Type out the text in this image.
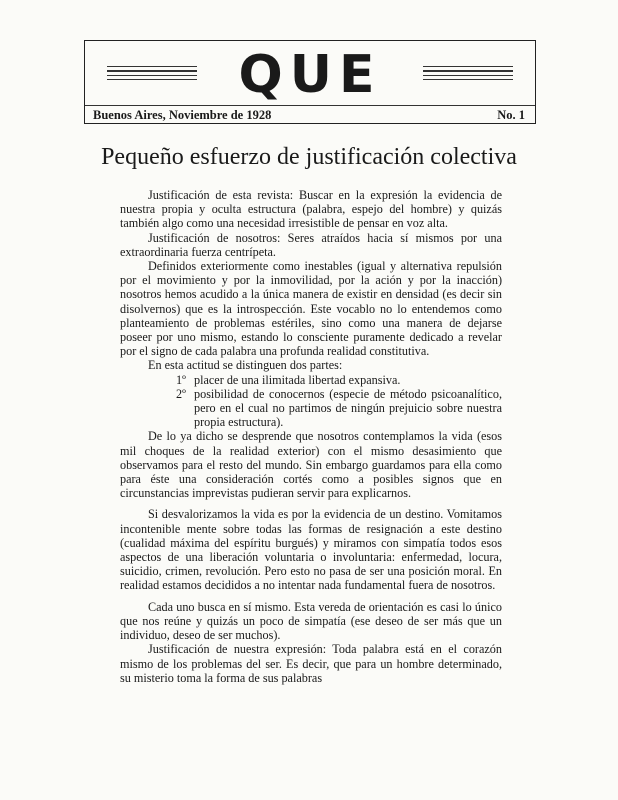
QUE
Buenos Aires, Noviembre de 1928	No. 1
Pequeño esfuerzo de justificación colectiva

Justificación de esta revista: Buscar en la expresión la evidencia de nuestra propia y oculta estructura (palabra, espejo del hombre) y quizás también algo como una necesidad irresistible de pensar en voz alta.

Justificación de nosotros: Seres atraídos hacia sí mismos por una extraordinaria fuerza centrípeta.

Definidos exteriormente como inestables (igual y alternativa repulsión por el movimiento y por la inmovilidad, por la ación y por la inacción) nosotros hemos acudido a la única manera de existir en densidad (es decir sin disolvernos) que es la introspección. Este vocablo no lo entendemos como planteamiento de problemas estériles, sino como una manera de dejarse poseer por uno mismo, estando lo consciente puramente dedicado a revelar por el signo de cada palabra una profunda realidad constitutiva.

En esta actitud se distinguen dos partes:

1º placer de una ilimitada libertad expansiva.
2º posibilidad de conocernos (especie de método psicoanalítico, pero en el cual no partimos de ningún prejuicio sobre nuestra propia estructura).

De lo ya dicho se desprende que nosotros contemplamos la vida (esos mil choques de la realidad exterior) con el mismo desasimiento que observamos para el resto del mundo. Sin embargo guardamos para ella como para éste una consideración cortés como a posibles signos que en circunstancias imprevistas pudieran servir para explicarnos.

Si desvalorizamos la vida es por la evidencia de un destino. Vomitamos incontenible mente sobre todas las formas de resignación a este destino (cualidad máxima del espíritu burgués) y miramos con simpatía todos esos aspectos de una liberación voluntaria o involuntaria: enfermedad, locura, suicidio, crimen, revolución. Pero esto no pasa de ser una posición moral. En realidad estamos decididos a no intentar nada fundamental fuera de nosotros.

Cada uno busca en sí mismo. Esta vereda de orientación es casi lo único que nos reúne y quizás un poco de simpatía (ese deseo de ser más que un individuo, deseo de ser muchos).

Justificación de nuestra expresión: Toda palabra está en el corazón mismo de los problemas del ser. Es decir, que para un hombre determinado, su misterio toma la forma de sus palabras
